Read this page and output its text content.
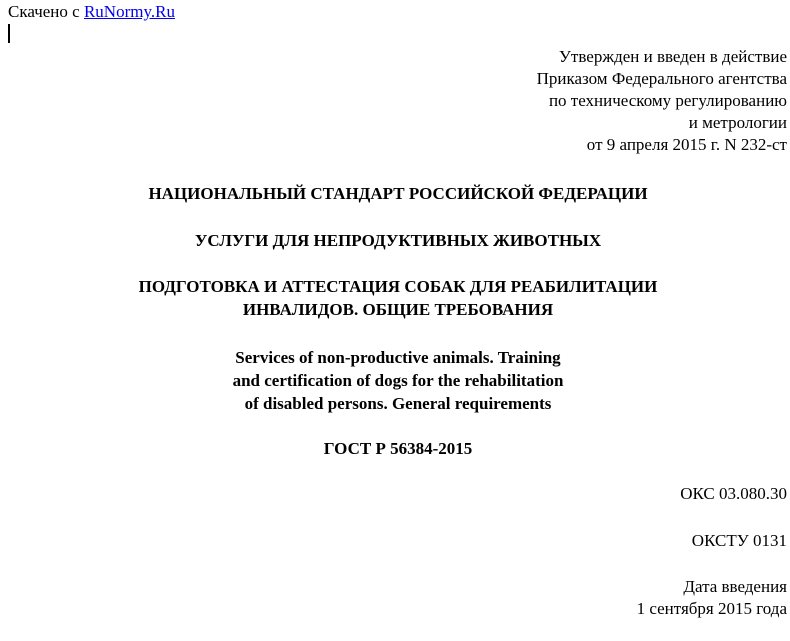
Скачено с RuNormy.Ru
Утвержден и введен в действие
Приказом Федерального агентства
по техническому регулированию
и метрологии
от 9 апреля 2015 г. N 232-ст
НАЦИОНАЛЬНЫЙ СТАНДАРТ РОССИЙСКОЙ ФЕДЕРАЦИИ
УСЛУГИ ДЛЯ НЕПРОДУКТИВНЫХ ЖИВОТНЫХ
ПОДГОТОВКА И АТТЕСТАЦИЯ СОБАК ДЛЯ РЕАБИЛИТАЦИИ
ИНВАЛИДОВ. ОБЩИЕ ТРЕБОВАНИЯ
Services of non-productive animals. Training
and certification of dogs for the rehabilitation
of disabled persons. General requirements
ГОСТ Р 56384-2015
ОКС 03.080.30
ОКСТУ 0131
Дата введения
1 сентября 2015 года
